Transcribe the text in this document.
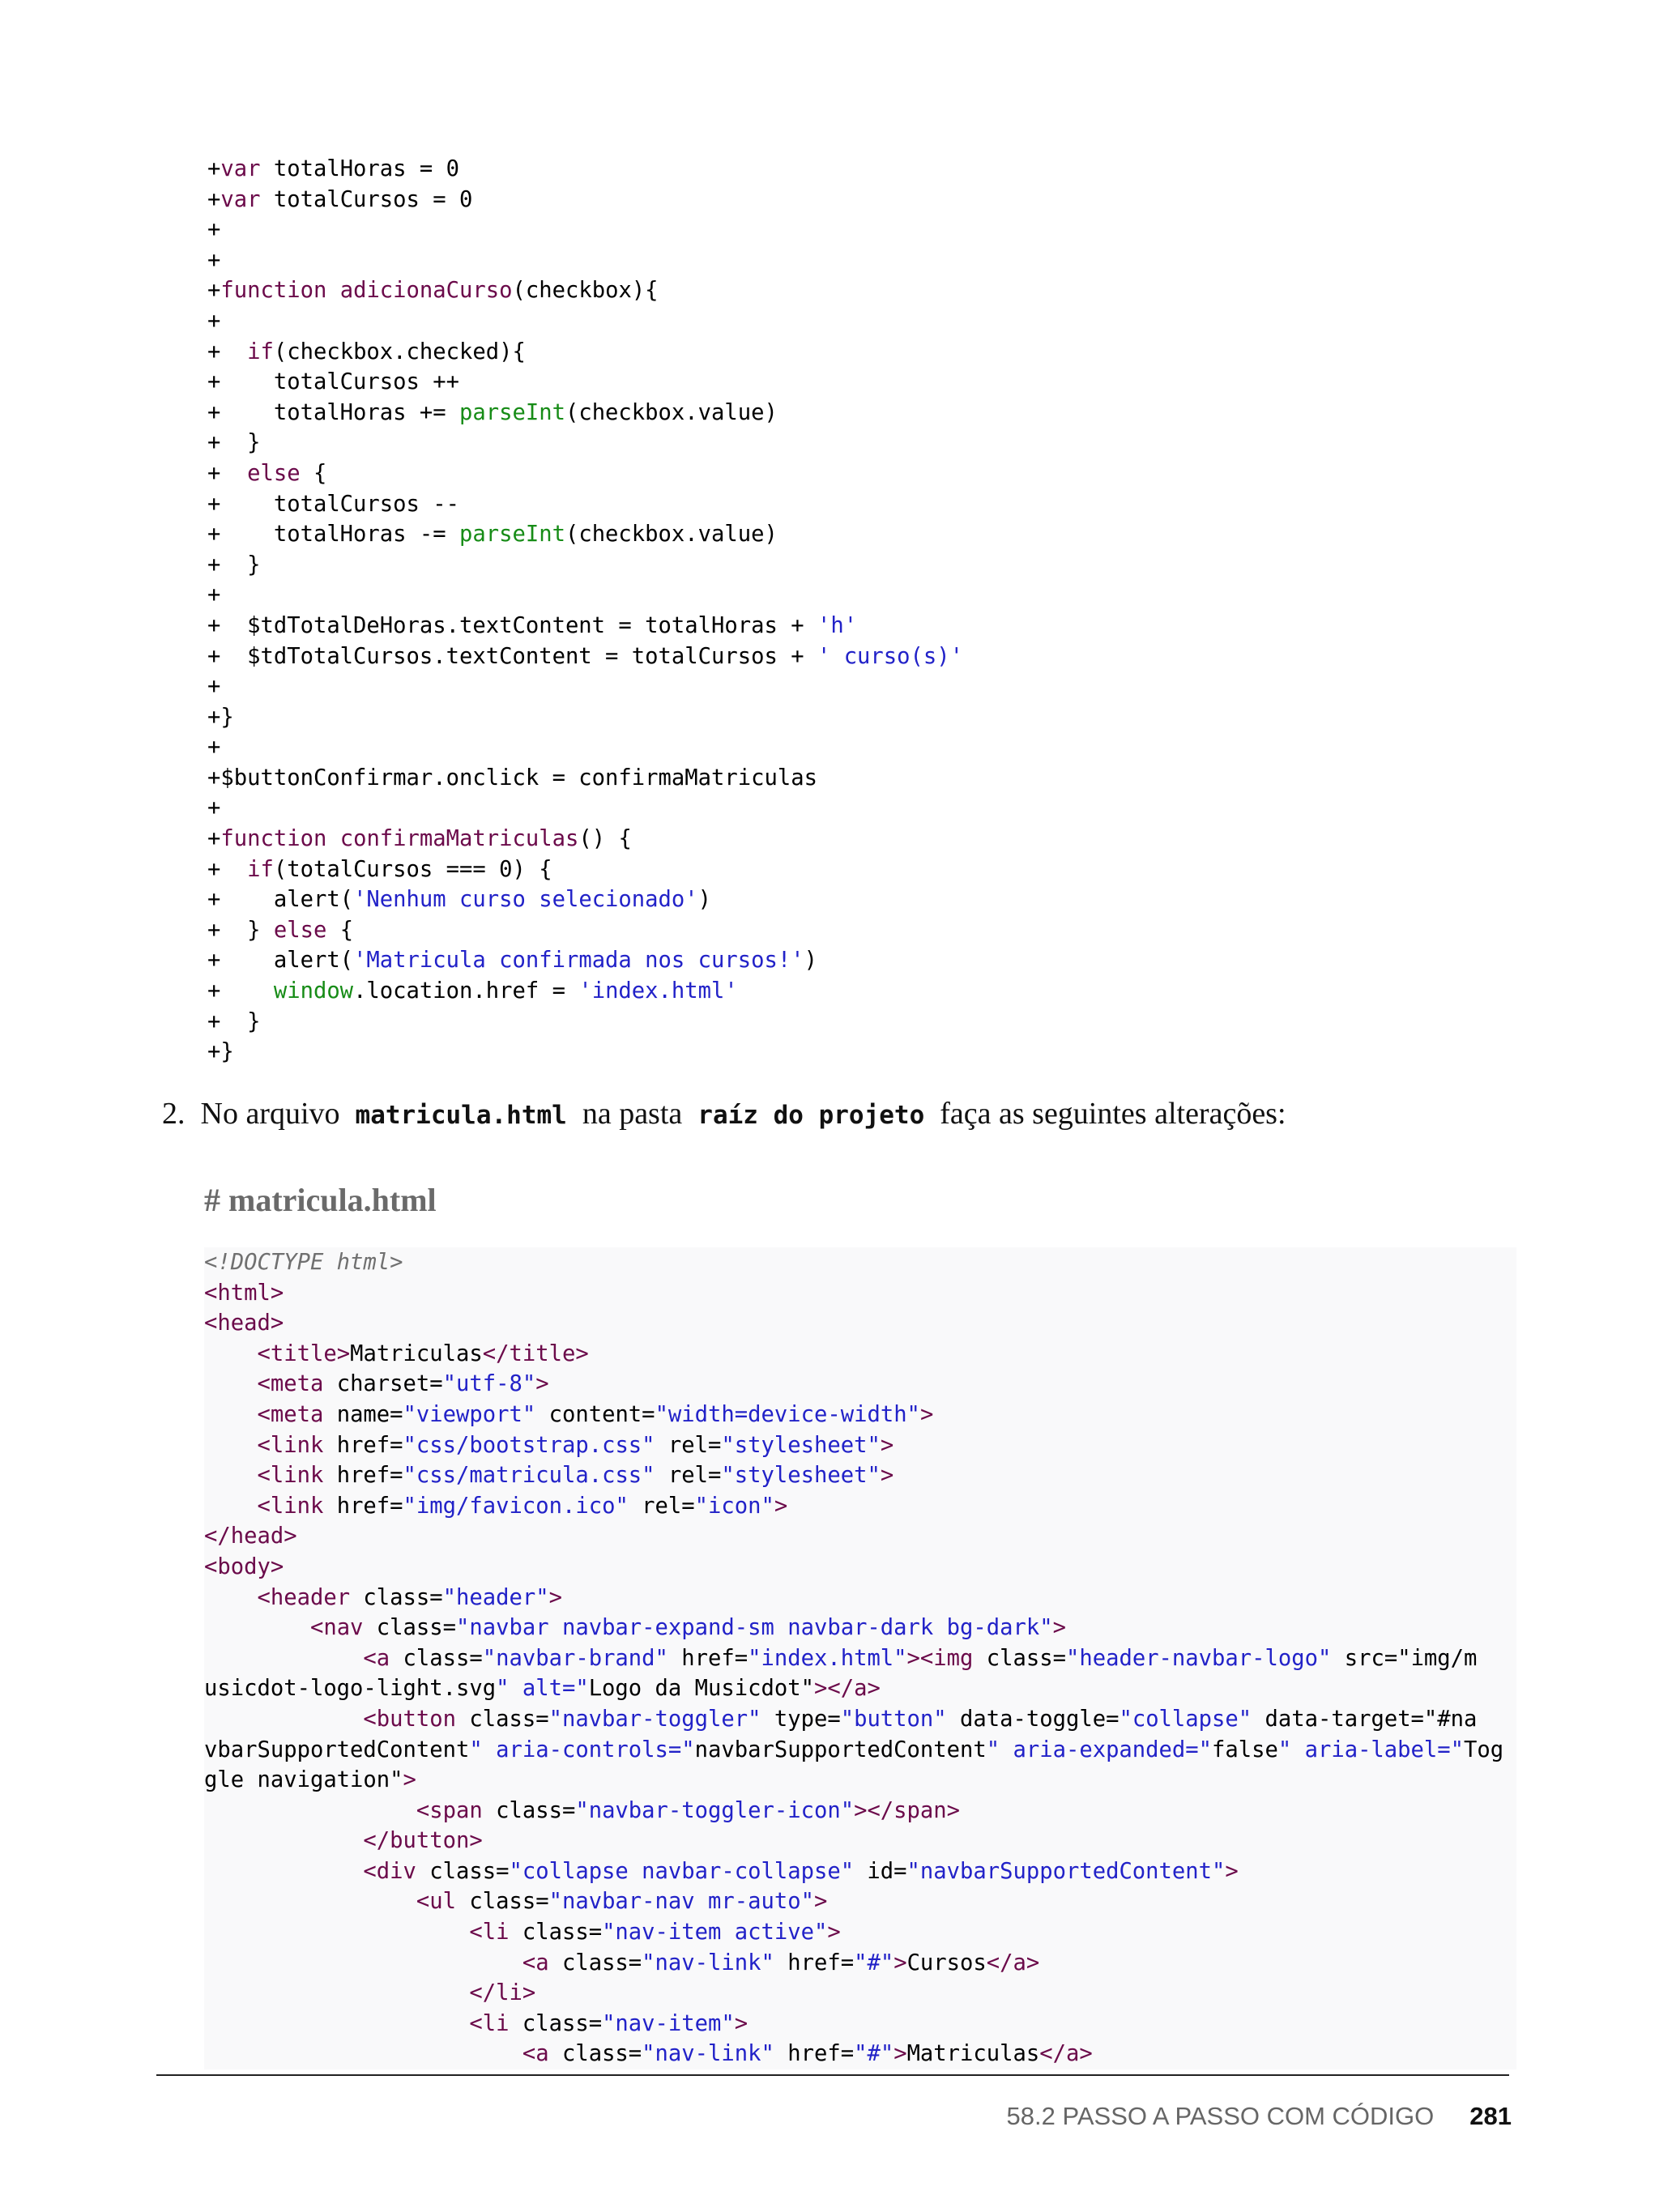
+var totalHoras = 0
+var totalCursos = 0
+
+
+function adicionaCurso(checkbox){
+
+  if(checkbox.checked){
+    totalCursos ++
+    totalHoras += parseInt(checkbox.value)
+  }
+  else {
+    totalCursos --
+    totalHoras -= parseInt(checkbox.value)
+  }
+
+  $tdTotalDeHoras.textContent = totalHoras + 'h'
+  $tdTotalCursos.textContent = totalCursos + ' curso(s)'
+
+}
+
+$buttonConfirmar.onclick = confirmaMatriculas
+
+function confirmaMatriculas() {
+  if(totalCursos === 0) {
+    alert('Nenhum curso selecionado')
+  } else {
+    alert('Matricula confirmada nos cursos!')
+    window.location.href = 'index.html'
+  }
+}
2. No arquivo matricula.html na pasta raíz do projeto faça as seguintes alterações:
# matricula.html
<!DOCTYPE html>
<html>
<head>
<title>Matriculas</title>
<meta charset="utf-8">
<meta name="viewport" content="width=device-width">
<link href="css/bootstrap.css" rel="stylesheet">
<link href="css/matricula.css" rel="stylesheet">
<link href="img/favicon.ico" rel="icon">
</head>
<body>
<header class="header">
<nav class="navbar navbar-expand-sm navbar-dark bg-dark">
<a class="navbar-brand" href="index.html"><img class="header-navbar-logo" src="img/m
usicdot-logo-light.svg" alt="Logo da Musicdot"></a>
<button class="navbar-toggler" type="button" data-toggle="collapse" data-target="#na
vbarSupportedContent" aria-controls="navbarSupportedContent" aria-expanded="false" aria-label="Tog
gle navigation">
<span class="navbar-toggler-icon"></span>
</button>
<div class="collapse navbar-collapse" id="navbarSupportedContent">
<ul class="navbar-nav mr-auto">
<li class="nav-item active">
<a class="nav-link" href="#">Cursos</a>
</li>
<li class="nav-item">
<a class="nav-link" href="#">Matriculas</a>
58.2 PASSO A PASSO COM CÓDIGO 281
